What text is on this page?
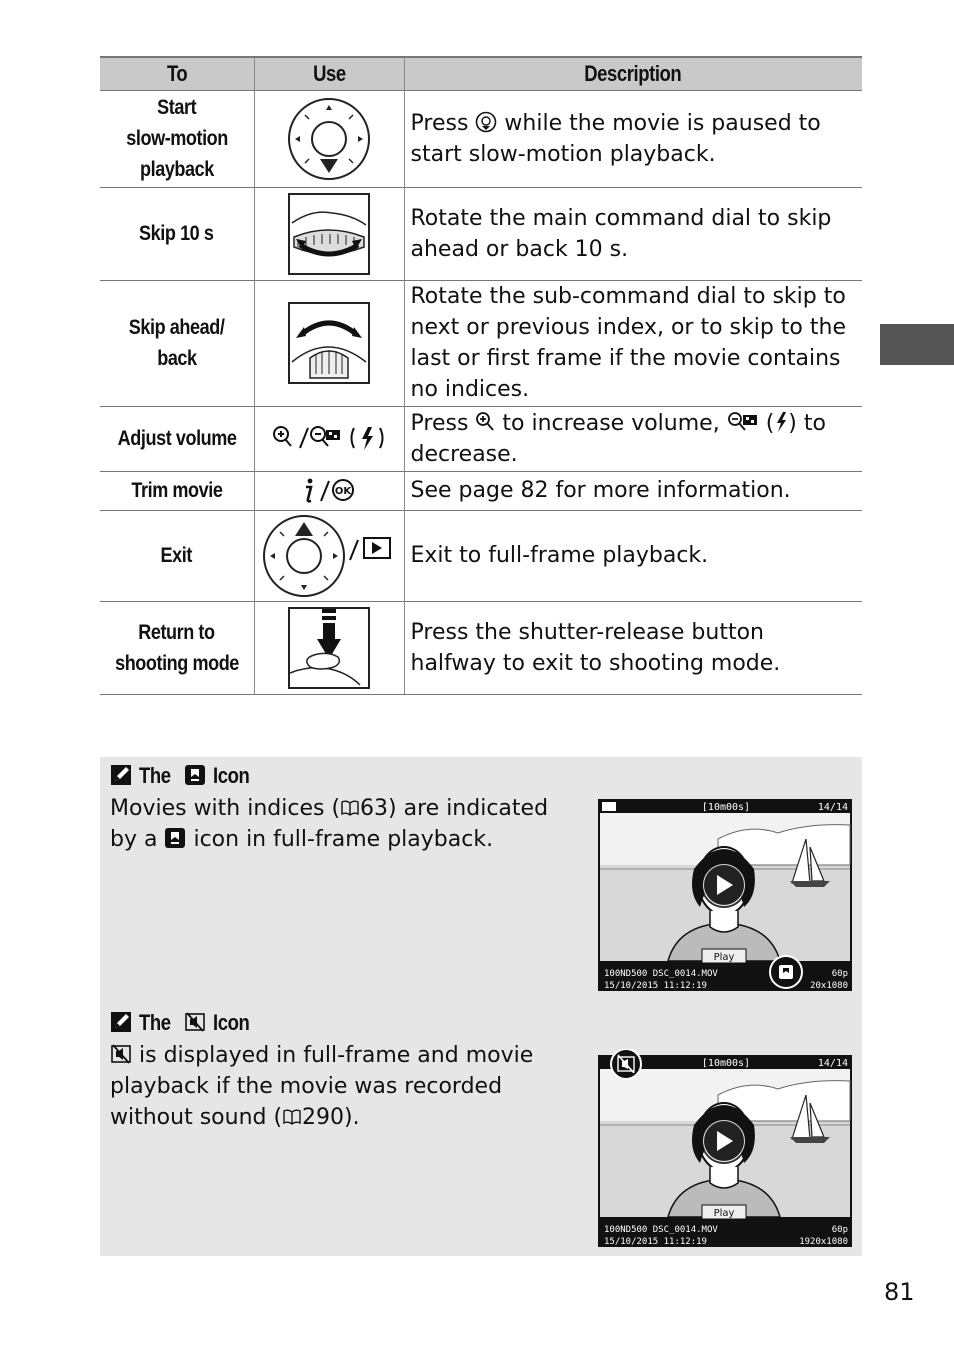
To	Use	Description
Start
slow-motion
playback		Press while the movie is paused to start slow-motion playback.
Skip 10 s		Rotate the main command dial to skip ahead or back 10 s.
Skip ahead/
back		Rotate the sub-command dial to skip to next or previous index, or to skip to the last or first frame if the movie contains no indices.
Adjust volume		Press to increase volume, ( ) to decrease.
Trim movie	OK	See page 82 for more information.
Exit		Exit to full-frame playback.
Return to
shooting mode		Press the shutter-release button halfway to exit to shooting mode.
The Icon
Movies with indices ( 63) are indicated by a icon in full-frame playback.
Play
[10m00s]	14/14
100ND500 DSC_0014.MOV
15/10/2015 11:12:19
60p
20x1080
The Icon
is displayed in full-frame and movie playback if the movie was recorded without sound ( 290).
Play
[10m00s]	14/14
100ND500 DSC_0014.MOV
15/10/2015 11:12:19
60p
1920x1080
81
